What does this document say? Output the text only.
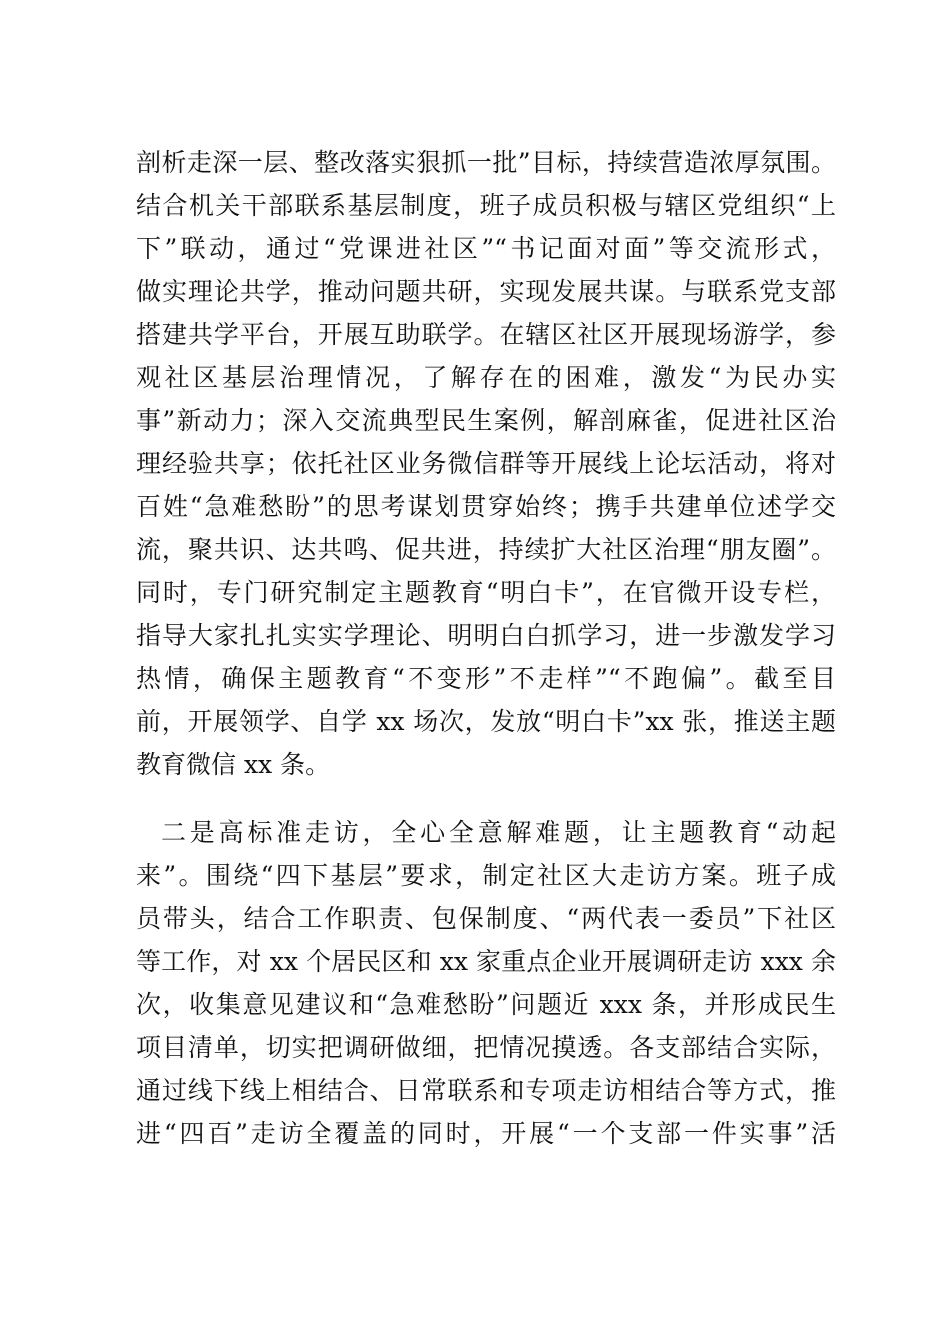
剖析走深一层、整改落实狠抓一批”目标，持续营造浓厚氛围。
结合机关干部联系基层制度，班子成员积极与辖区党组织“上
下”联动，通过“党课进社区”“书记面对面”等交流形式，
做实理论共学，推动问题共研，实现发展共谋。与联系党支部
搭建共学平台，开展互助联学。在辖区社区开展现场游学，参
观社区基层治理情况，了解存在的困难，激发“为民办实
事”新动力；深入交流典型民生案例，解剖麻雀，促进社区治
理经验共享；依托社区业务微信群等开展线上论坛活动，将对
百姓“急难愁盼”的思考谋划贯穿始终；携手共建单位述学交
流，聚共识、达共鸣、促共进，持续扩大社区治理“朋友圈”。
同时，专门研究制定主题教育“明白卡”，在官微开设专栏，
指导大家扎扎实实学理论、明明白白抓学习，进一步激发学习
热情，确保主题教育“不变形”不走样”“不跑偏”。截至目
前，开展领学、自学 xx 场次，发放“明白卡”xx 张，推送主题
教育微信 xx 条。
二是高标准走访，全心全意解难题，让主题教育“动起
来”。围绕“四下基层”要求，制定社区大走访方案。班子成
员带头，结合工作职责、包保制度、“两代表一委员”下社区
等工作，对 xx 个居民区和 xx 家重点企业开展调研走访 xxx 余
次，收集意见建议和“急难愁盼”问题近 xxx 条，并形成民生
项目清单，切实把调研做细，把情况摸透。各支部结合实际，
通过线下线上相结合、日常联系和专项走访相结合等方式，推
进“四百”走访全覆盖的同时，开展“一个支部一件实事”活
